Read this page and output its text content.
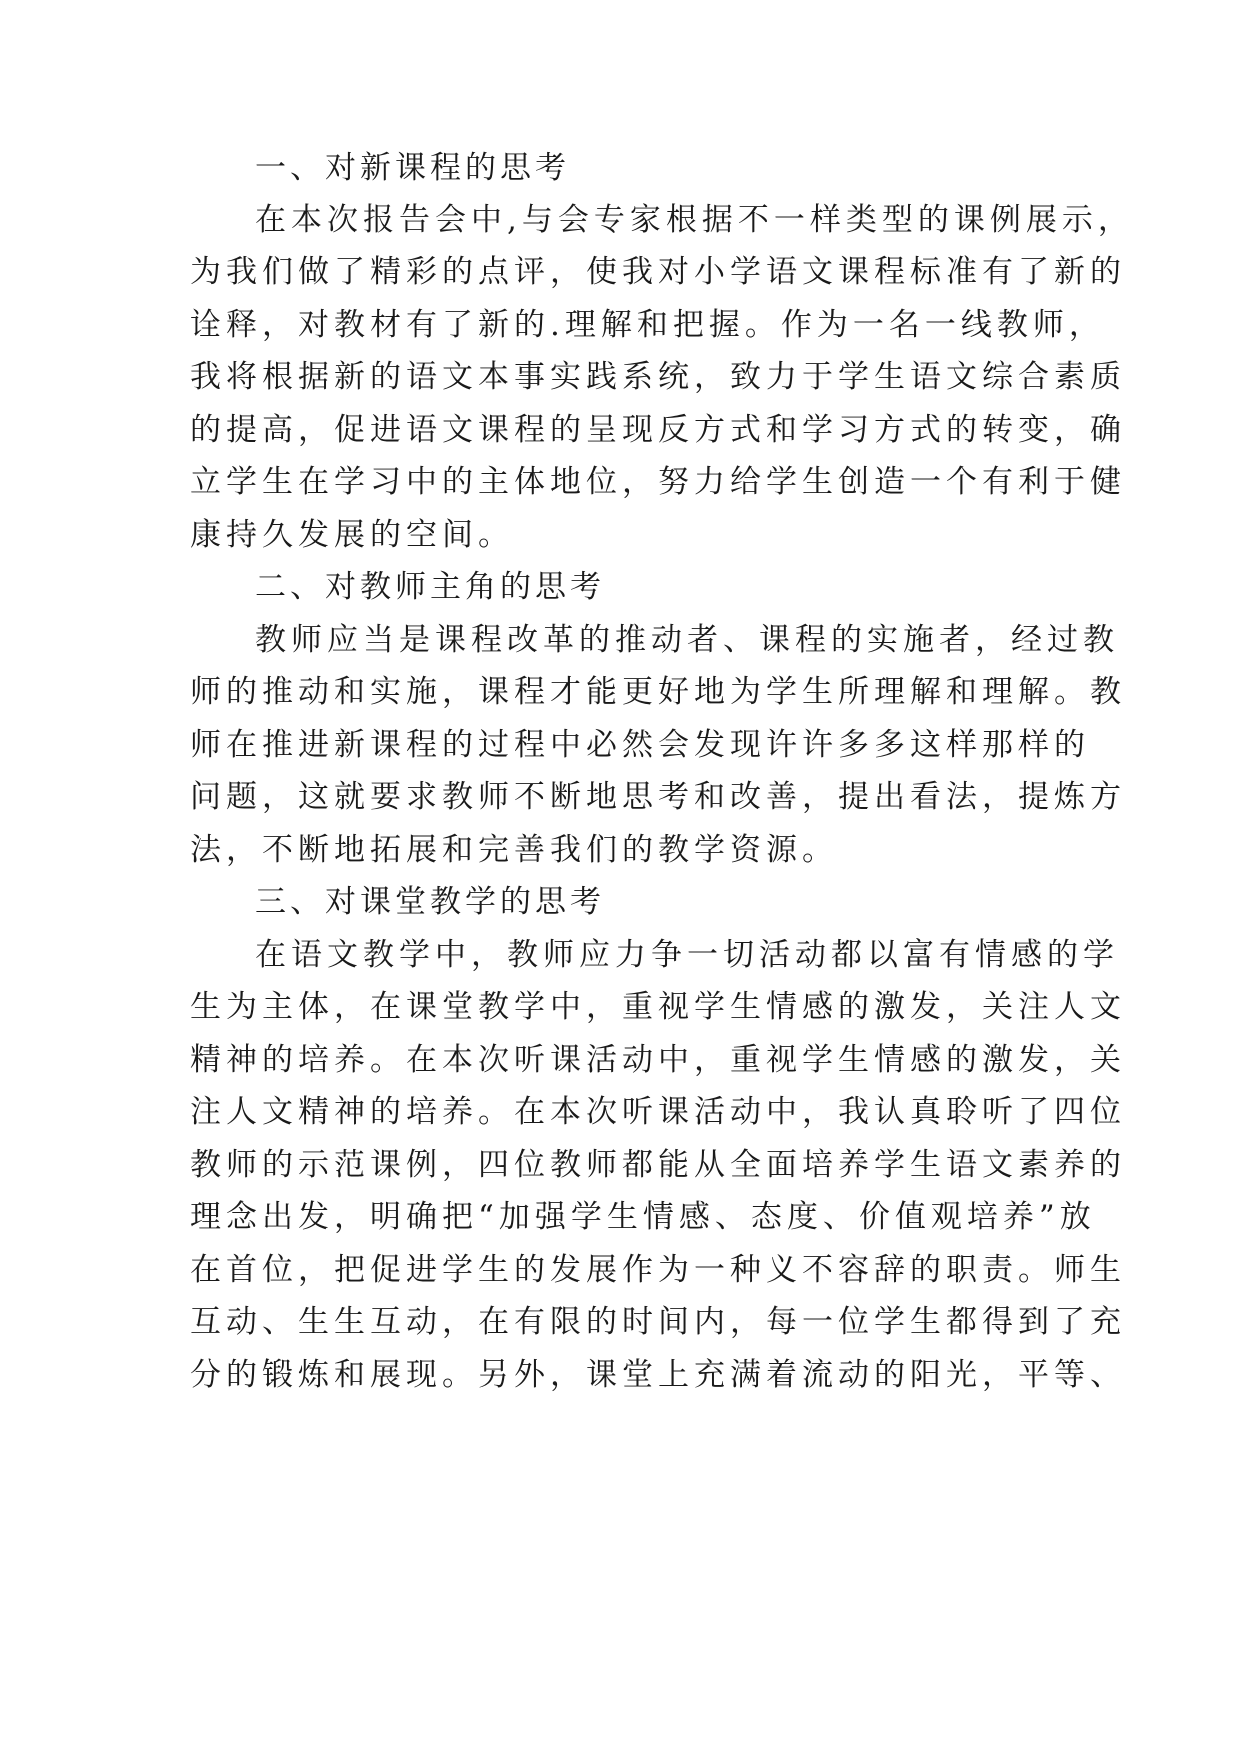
一、对新课程的思考
在本次报告会中,与会专家根据不一样类型的课例展示，
为我们做了精彩的点评，使我对小学语文课程标准有了新的
诠释，对教材有了新的.理解和把握。作为一名一线教师，
我将根据新的语文本事实践系统，致力于学生语文综合素质
的提高，促进语文课程的呈现反方式和学习方式的转变，确
立学生在学习中的主体地位，努力给学生创造一个有利于健
康持久发展的空间。
二、对教师主角的思考
教师应当是课程改革的推动者、课程的实施者，经过教
师的推动和实施，课程才能更好地为学生所理解和理解。教
师在推进新课程的过程中必然会发现许许多多这样那样的
问题，这就要求教师不断地思考和改善，提出看法，提炼方
法，不断地拓展和完善我们的教学资源。
三、对课堂教学的思考
在语文教学中，教师应力争一切活动都以富有情感的学
生为主体，在课堂教学中，重视学生情感的激发，关注人文
精神的培养。在本次听课活动中，重视学生情感的激发，关
注人文精神的培养。在本次听课活动中，我认真聆听了四位
教师的示范课例，四位教师都能从全面培养学生语文素养的
理念出发，明确把“加强学生情感、态度、价值观培养”放
在首位，把促进学生的发展作为一种义不容辞的职责。师生
互动、生生互动，在有限的时间内，每一位学生都得到了充
分的锻炼和展现。另外，课堂上充满着流动的阳光，平等、
